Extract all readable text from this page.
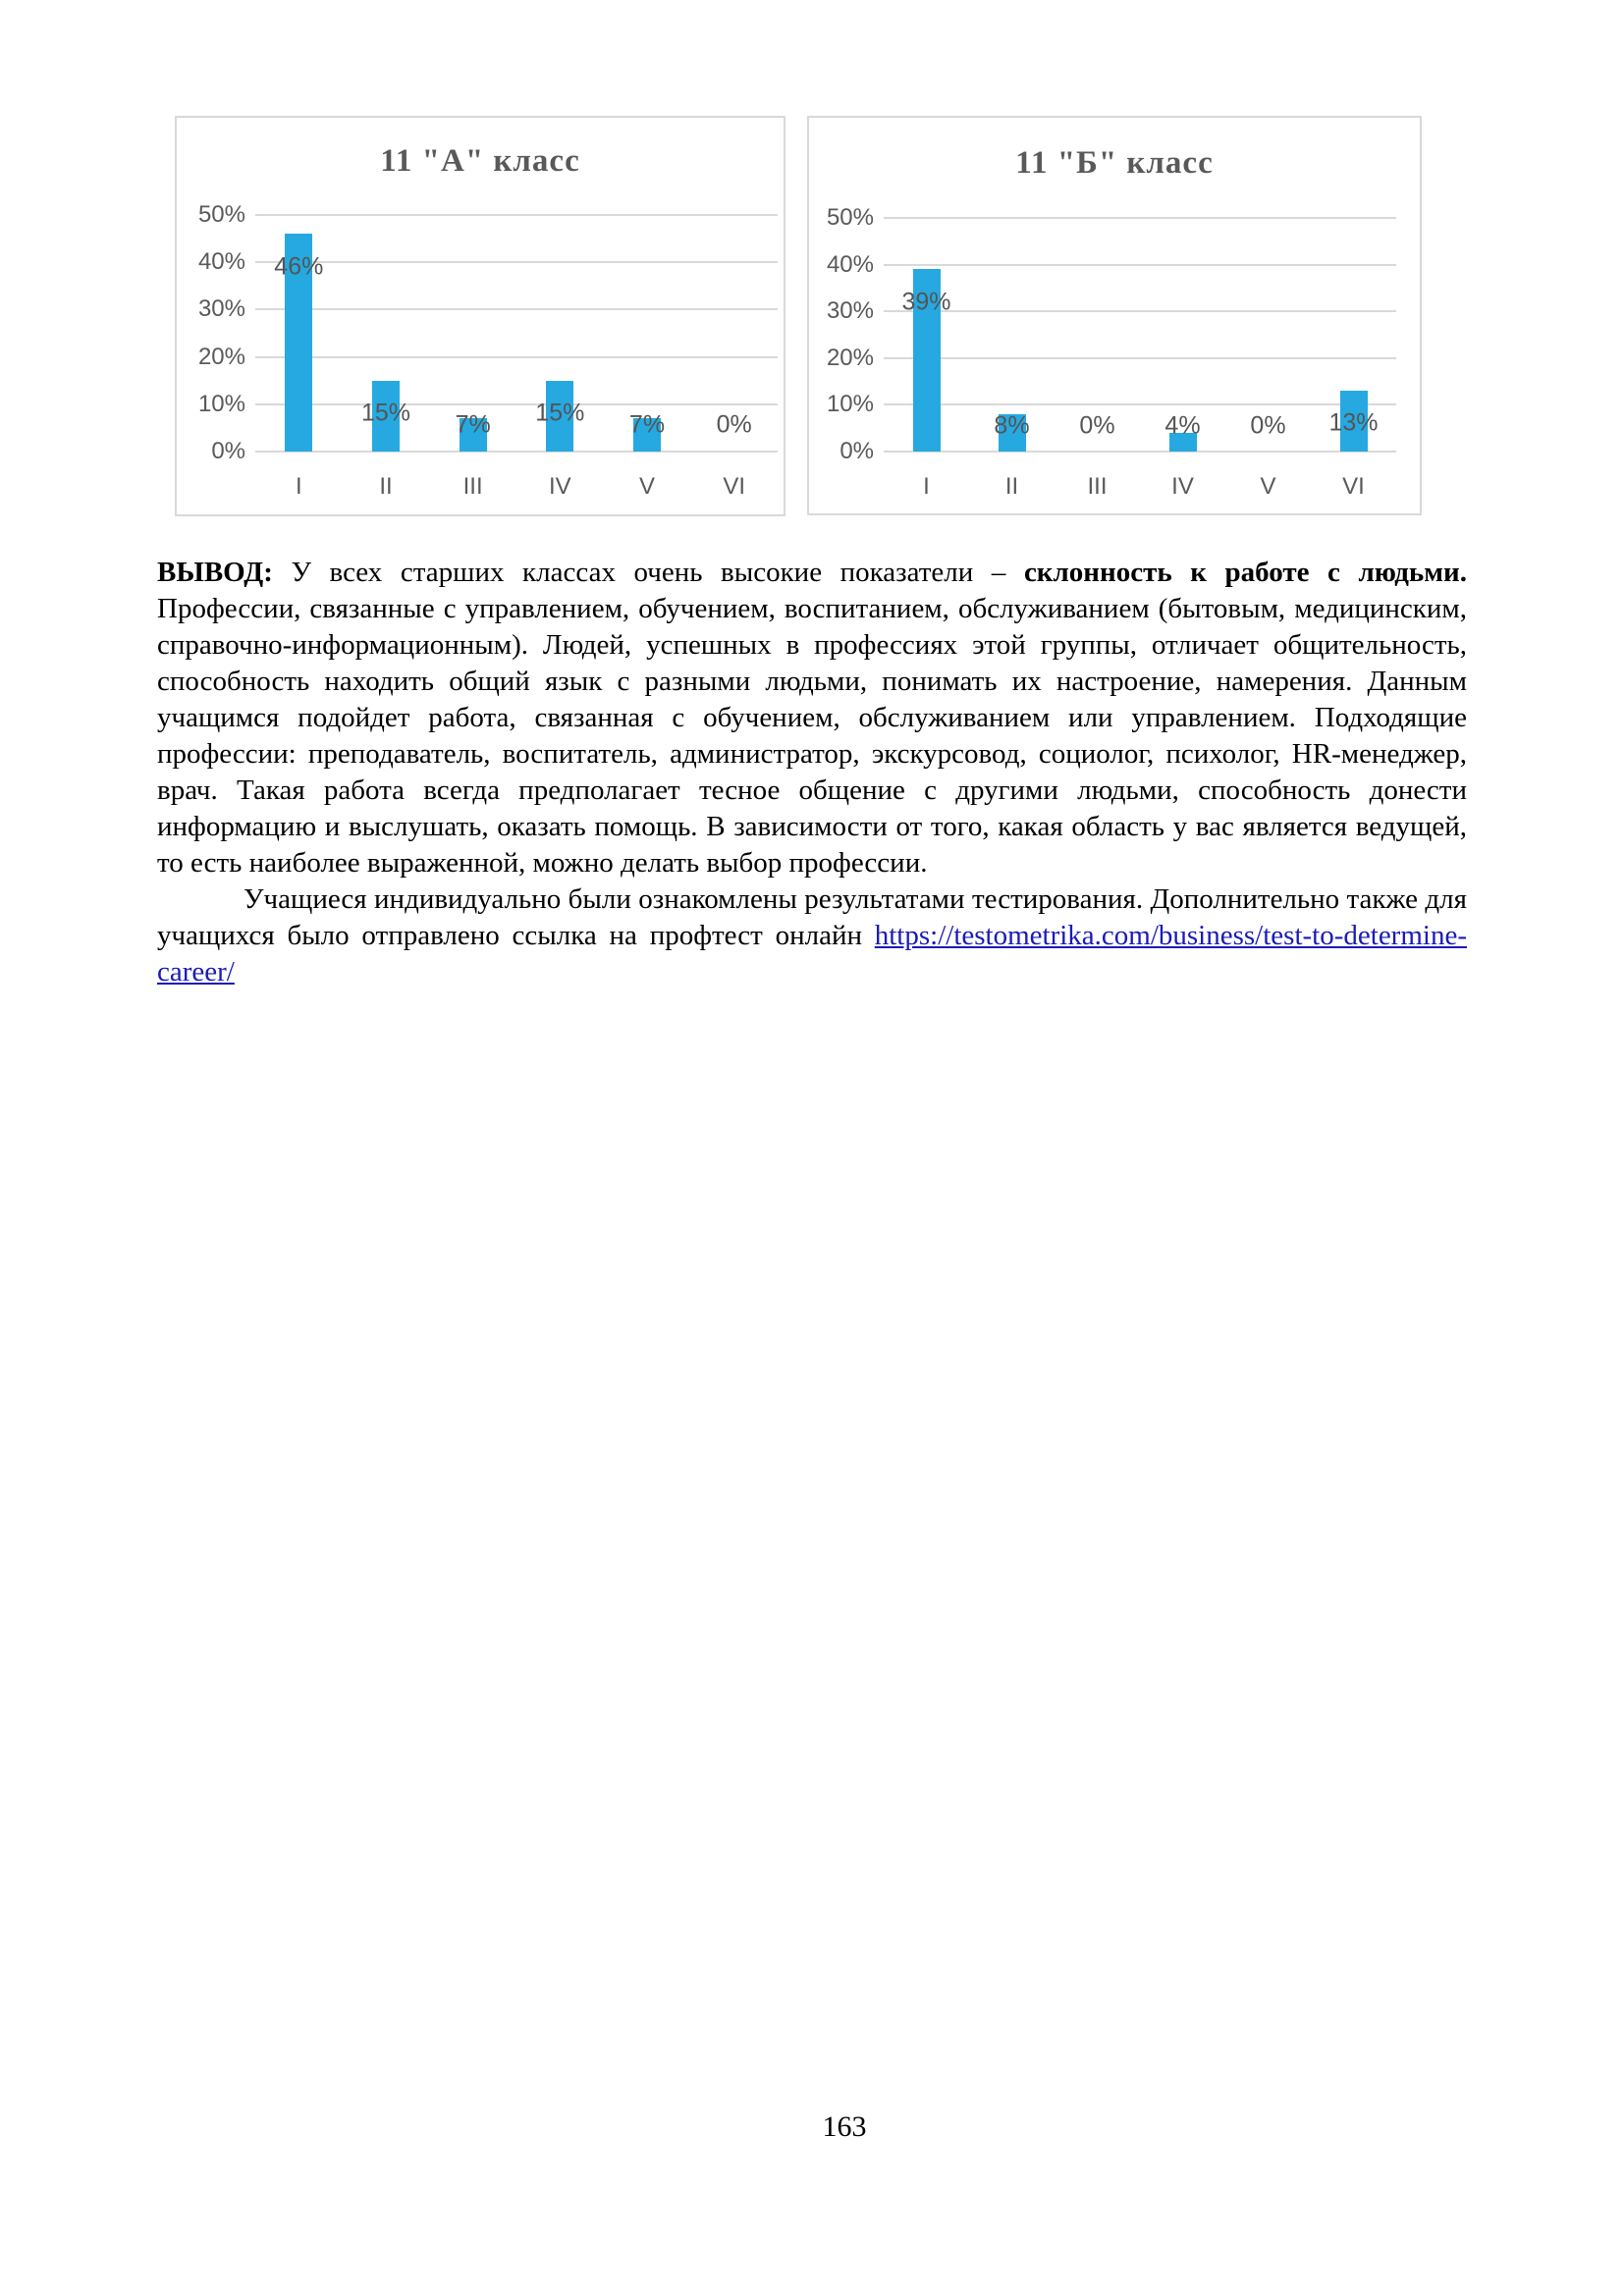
11 "А" класс
0%
10%
20%
30%
40%
50%
46%
I
15%
II
7%
III
15%
IV
7%
V
0%
VI
11 "Б" класс
0%
10%
20%
30%
40%
50%
39%
I
8%
II
0%
III
4%
IV
0%
V
13%
VI

ВЫВОД: У всех старших классах очень высокие показатели – склонность к работе с людьми. Профессии, связанные с управлением, обучением, воспитанием, обслуживанием (бытовым, медицинским, справочно-информационным). Людей, успешных в профессиях этой группы, отличает общительность, способность находить общий язык с разными людьми, понимать их настроение, намерения. Данным учащимся подойдет работа, связанная с обучением, обслуживанием или управлением. Подходящие профессии: преподаватель, воспитатель, администратор, экскурсовод, социолог, психолог, HR-менеджер, врач. Такая работа всегда предполагает тесное общение с другими людьми, способность донести информацию и выслушать, оказать помощь. В зависимости от того, какая область у вас является ведущей, то есть наиболее выраженной, можно делать выбор профессии.

Учащиеся индивидуально были ознакомлены результатами тестирования. Дополнительно также для учащихся было отправлено ссылка на профтест онлайн https://testometrika.com/business/test-to-determine-career/

163
